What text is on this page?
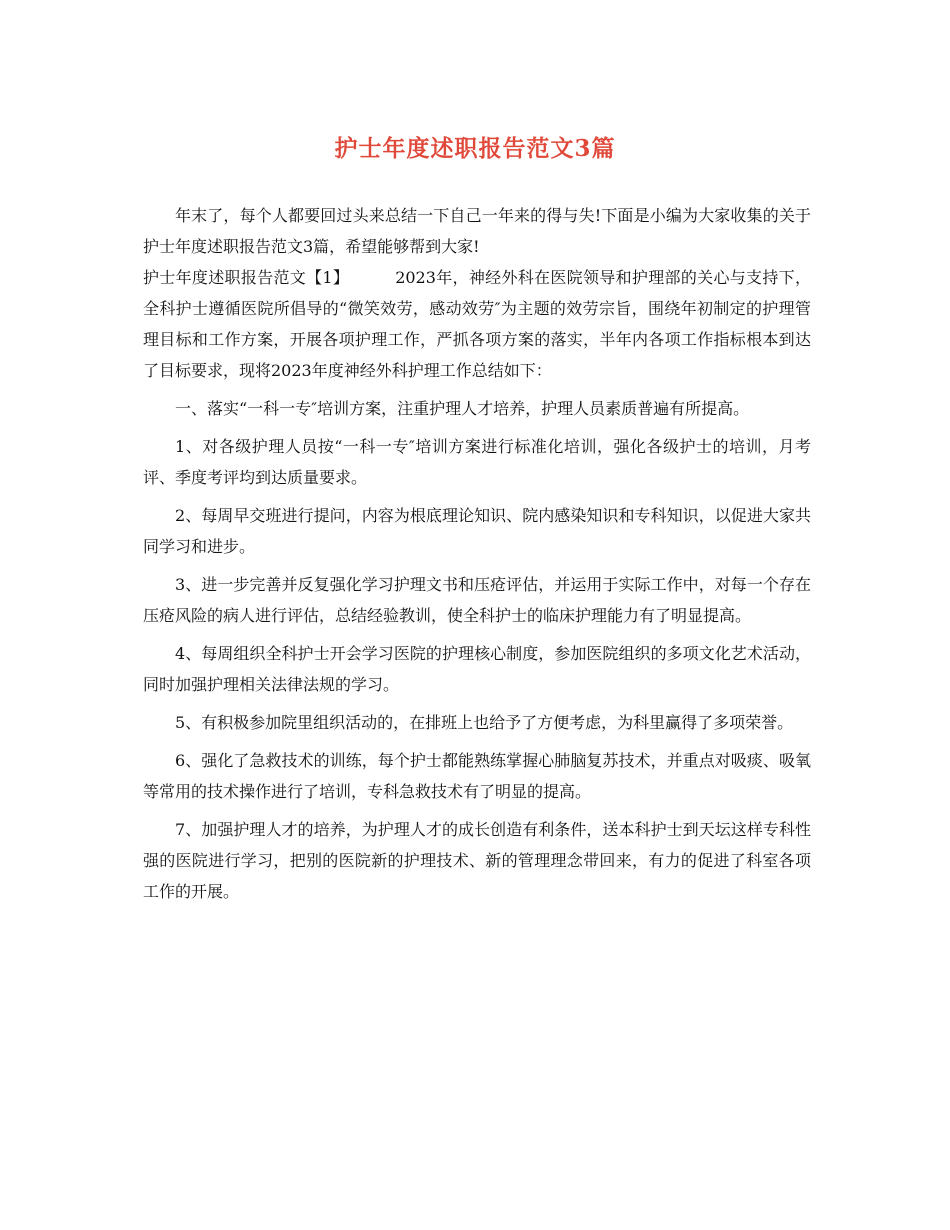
护士年度述职报告范文3篇

年末了，每个人都要回过头来总结一下自己一年来的得与失!下面是小编为大家收集的关于护士年度述职报告范文3篇，希望能够帮到大家!

护士年度述职报告范文【1】	2023年，神经外科在医院领导和护理部的关心与支持下，全科护士遵循医院所倡导的“微笑效劳，感动效劳″为主题的效劳宗旨，围绕年初制定的护理管理目标和工作方案，开展各项护理工作，严抓各项方案的落实，半年内各项工作指标根本到达了目标要求，现将2023年度神经外科护理工作总结如下：

一、落实“一科一专″培训方案，注重护理人才培养，护理人员素质普遍有所提高。

1、对各级护理人员按“一科一专″培训方案进行标准化培训，强化各级护士的培训，月考评、季度考评均到达质量要求。

2、每周早交班进行提问，内容为根底理论知识、院内感染知识和专科知识，以促进大家共同学习和进步。

3、进一步完善并反复强化学习护理文书和压疮评估，并运用于实际工作中，对每一个存在压疮风险的病人进行评估，总结经验教训，使全科护士的临床护理能力有了明显提高。

4、每周组织全科护士开会学习医院的护理核心制度，参加医院组织的多项文化艺术活动，同时加强护理相关法律法规的学习。

5、有积极参加院里组织活动的，在排班上也给予了方便考虑，为科里赢得了多项荣誉。

6、强化了急救技术的训练，每个护士都能熟练掌握心肺脑复苏技术，并重点对吸痰、吸氧等常用的技术操作进行了培训，专科急救技术有了明显的提高。

7、加强护理人才的培养，为护理人才的成长创造有利条件，送本科护士到天坛这样专科性强的医院进行学习，把别的医院新的护理技术、新的管理理念带回来，有力的促进了科室各项工作的开展。
